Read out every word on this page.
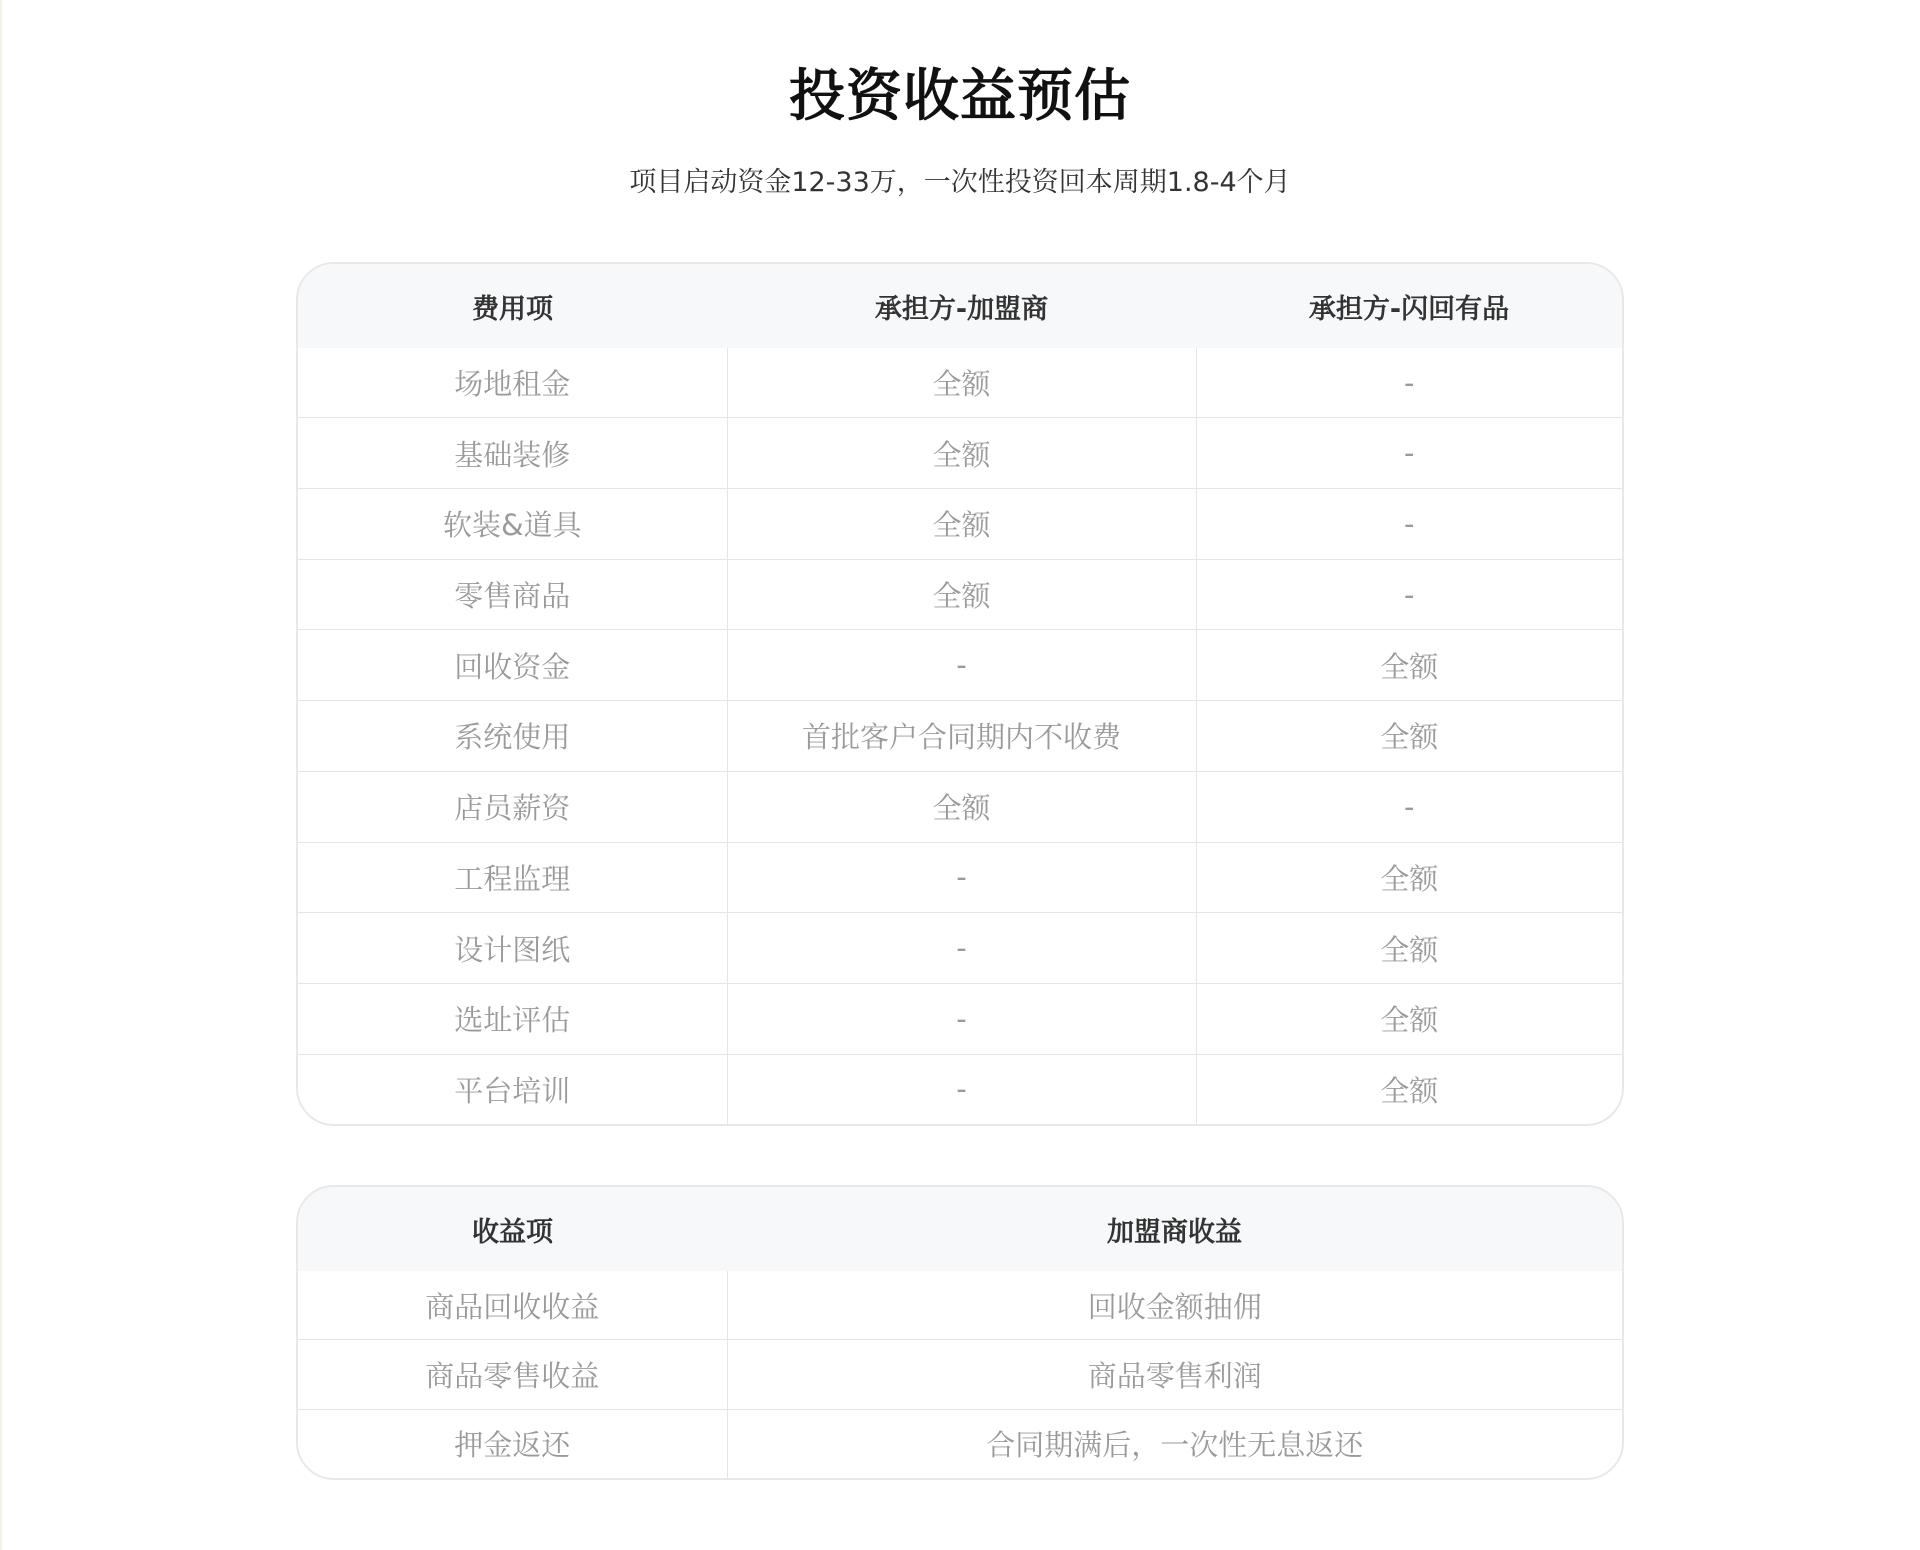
投资收益预估
项目启动资金12-33万，一次性投资回本周期1.8-4个月
费用项	承担方-加盟商	承担方-闪回有品
场地租金	全额	-
基础装修	全额	-
软装&道具	全额	-
零售商品	全额	-
回收资金	-	全额
系统使用	首批客户合同期内不收费	全额
店员薪资	全额	-
工程监理	-	全额
设计图纸	-	全额
选址评估	-	全额
平台培训	-	全额
收益项	加盟商收益
商品回收收益	回收金额抽佣
商品零售收益	商品零售利润
押金返还	合同期满后，一次性无息返还
